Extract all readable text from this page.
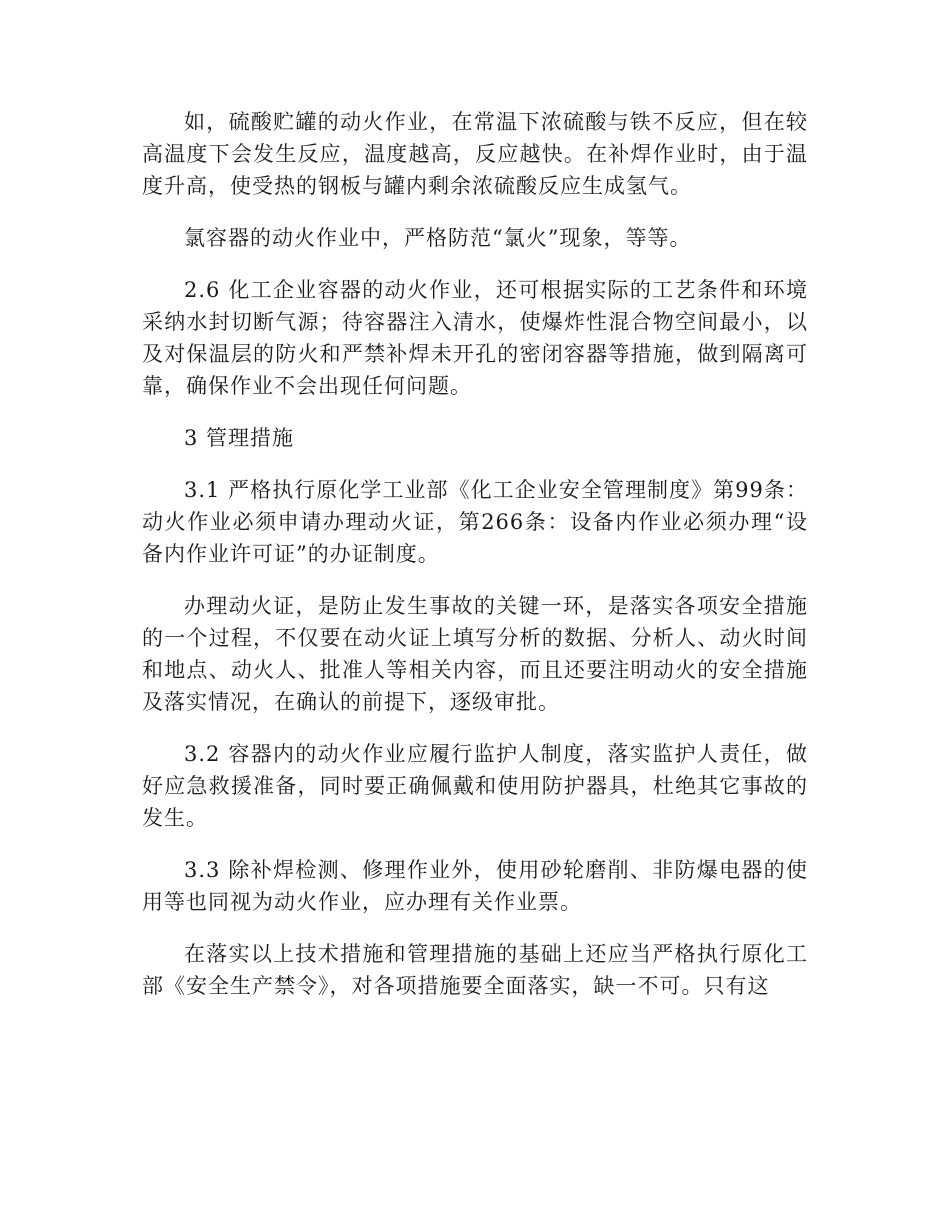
如，硫酸贮罐的动火作业，在常温下浓硫酸与铁不反应，但在较高温度下会发生反应，温度越高，反应越快。在补焊作业时，由于温度升高，使受热的钢板与罐内剩余浓硫酸反应生成氢气。

氯容器的动火作业中，严格防范“氯火”现象，等等。

2.6 化工企业容器的动火作业，还可根据实际的工艺条件和环境采纳水封切断气源；待容器注入清水，使爆炸性混合物空间最小，以及对保温层的防火和严禁补焊未开孔的密闭容器等措施，做到隔离可靠，确保作业不会出现任何问题。

3 管理措施

3.1 严格执行原化学工业部《化工企业安全管理制度》第99条：动火作业必须申请办理动火证，第266条：设备内作业必须办理“设备内作业许可证”的办证制度。

办理动火证，是防止发生事故的关键一环，是落实各项安全措施的一个过程，不仅要在动火证上填写分析的数据、分析人、动火时间和地点、动火人、批准人等相关内容，而且还要注明动火的安全措施及落实情况，在确认的前提下，逐级审批。

3.2 容器内的动火作业应履行监护人制度，落实监护人责任，做好应急救援准备，同时要正确佩戴和使用防护器具，杜绝其它事故的发生。

3.3 除补焊检测、修理作业外，使用砂轮磨削、非防爆电器的使用等也同视为动火作业，应办理有关作业票。

在落实以上技术措施和管理措施的基础上还应当严格执行原化工部《安全生产禁令》，对各项措施要全面落实，缺一不可。只有这
